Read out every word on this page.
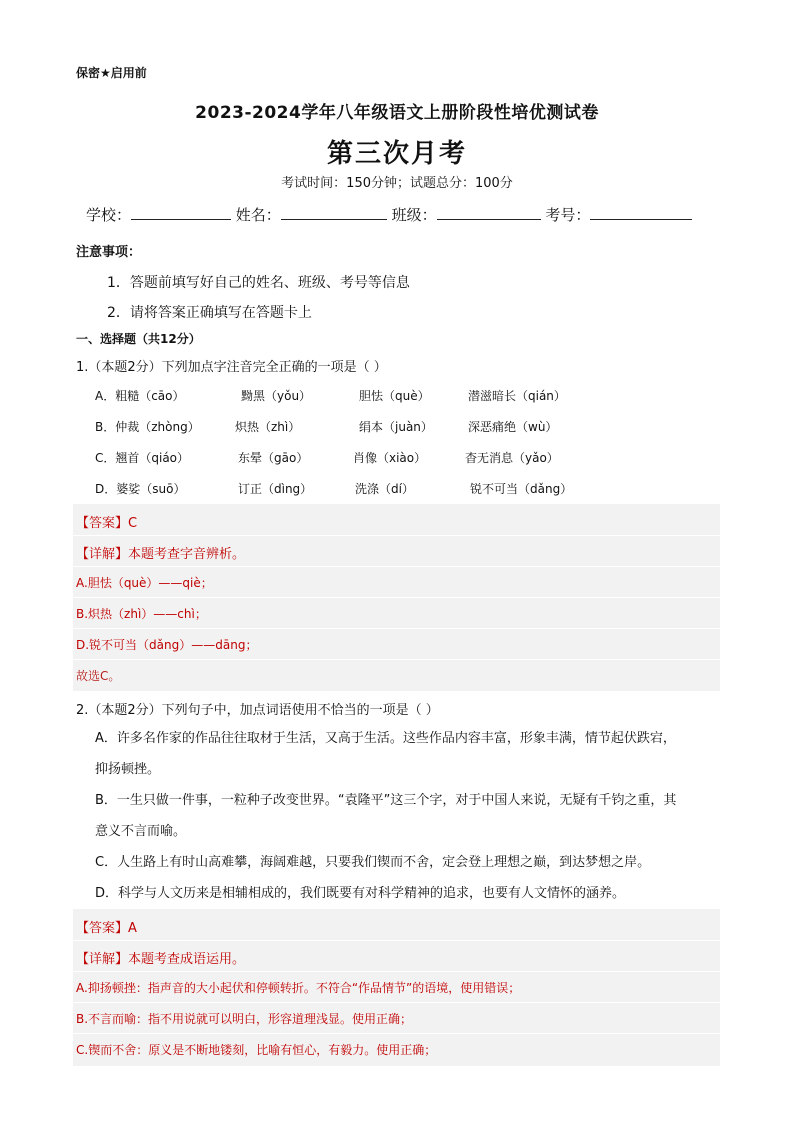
保密★启用前
2023-2024学年八年级语文上册阶段性培优测试卷
第三次月考
考试时间：150分钟；试题总分：100分
学校：	姓名：	班级：	考号：
注意事项：
1．答题前填写好自己的姓名、班级、考号等信息
2．请将答案正确填写在答题卡上
一、选择题（共12分）
1.（本题2分）下列加点字注音完全正确的一项是（ ）
A．粗糙（cāo）	黝黑（yǒu）	胆怯（què）	潜滋暗长（qián）
B．仲裁（zhòng）	炽热（zhì）	绢本（juàn）	深恶痛绝（wù）
C．翘首（qiáo）	东晕（gāo）	肖像（xiào）	杳无消息（yǎo）
D．婆娑（suō）	订正（dìng）	洗涤（dí）	锐不可当（dǎng）
【答案】C
【详解】本题考查字音辨析。
A.胆怯（què）——qiè；
B.炽热（zhì）——chì；
D.锐不可当（dǎng）——dāng；
故选C。
2.（本题2分）下列句子中，加点词语使用不恰当的一项是（ ）
A．许多名作家的作品往往取材于生活，又高于生活。这些作品内容丰富，形象丰满，情节起伏跌宕，
抑扬顿挫。
B．一生只做一件事，一粒种子改变世界。“袁隆平”这三个字，对于中国人来说，无疑有千钧之重，其
意义不言而喻。
C．人生路上有时山高难攀，海阔难越，只要我们锲而不舍，定会登上理想之巅，到达梦想之岸。
D．科学与人文历来是相辅相成的，我们既要有对科学精神的追求，也要有人文情怀的涵养。
【答案】A
【详解】本题考查成语运用。
A.抑扬顿挫：指声音的大小起伏和停顿转折。不符合“作品情节”的语境，使用错误；
B.不言而喻：指不用说就可以明白，形容道理浅显。使用正确；
C.锲而不舍：原义是不断地镂刻，比喻有恒心，有毅力。使用正确；
